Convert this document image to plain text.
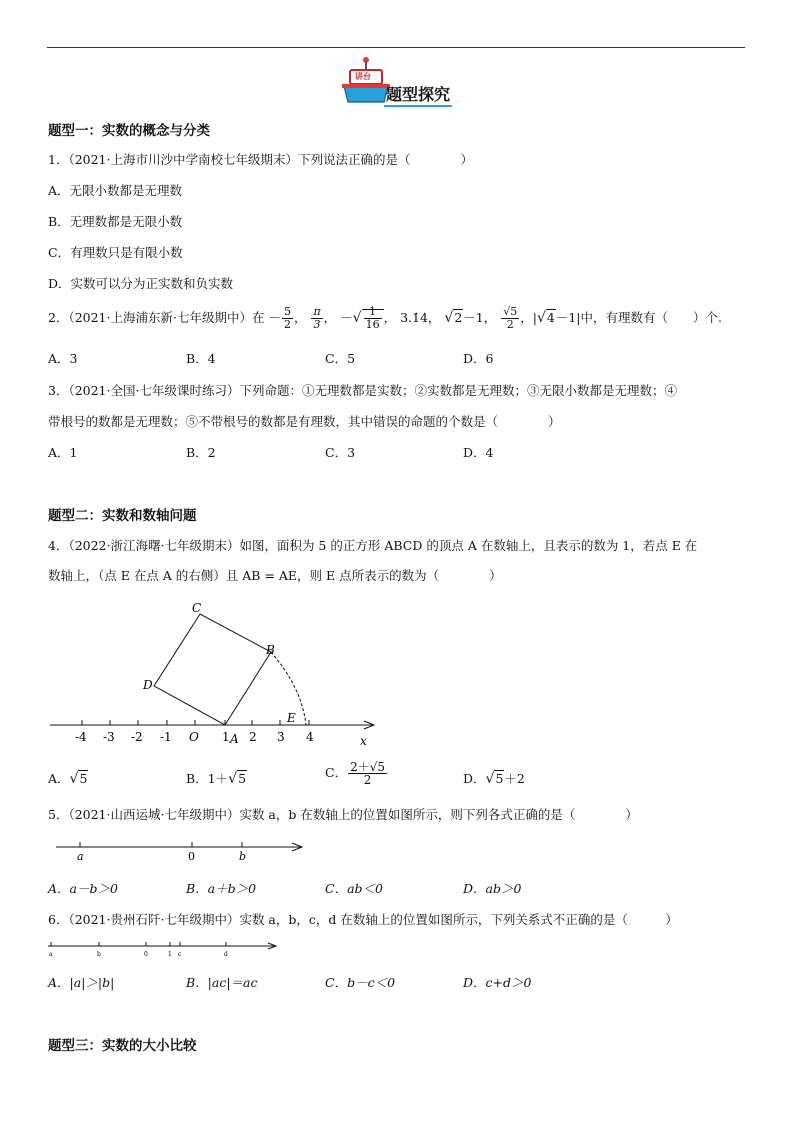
讲台
题型探究
题型一：实数的概念与分类
1．（2021·上海市川沙中学南校七年级期末）下列说法正确的是（　　　　）
A．无限小数都是无理数
B．无理数都是无限小数
C．有理数只是有限小数
D．实数可以分为正实数和负实数
2．（2021·上海浦东新·七年级期中）在 － $\frac{5}{2}$ ， $\frac{\pi}{3}$ ， －√ $\frac{1}{16}$ ， 3.1̇4̇， √2－1， $\frac{√5}{2}$ ，|√4－1|中，有理数有（　　）个.
A．3	B．4	C．5	D．6
3．（2021·全国·七年级课时练习）下列命题：①无理数都是实数；②实数都是无理数；③无限小数都是无理数；④
带根号的数都是无理数；⑤不带根号的数都是有理数，其中错误的命题的个数是（　　　　）
A．1	B．2	C．3	D．4
题型二：实数和数轴问题
4．（2022·浙江海曙·七年级期末）如图，面积为 5 的正方形 ABCD 的顶点 A 在数轴上，且表示的数为 1，若点 E 在
数轴上，（点 E 在点 A 的右侧）且 AB = AE，则 E 点所表示的数为（　　　　）
x
-4 -3 -2 -1 O 1 2 3 4
C
B
D
E
A
A．√5	B．1＋√5	C． $\frac{2+√5}{2}$	D．√5＋2
5．（2021·山西运城·七年级期中）实数 a，b 在数轴上的位置如图所示，则下列各式正确的是（　　　　）
a	0	b
A．a－b＞0	B．a＋b＞0	C．ab＜0	D．ab＞0
6．（2021·贵州石阡·七年级期中）实数 a，b，c，d 在数轴上的位置如图所示，下列关系式不正确的是（　　　）
a	b	0	1 c	d
A．|a|＞|b|	B．|ac|＝ac	C．b－c＜0	D．c+d＞0
题型三：实数的大小比较
